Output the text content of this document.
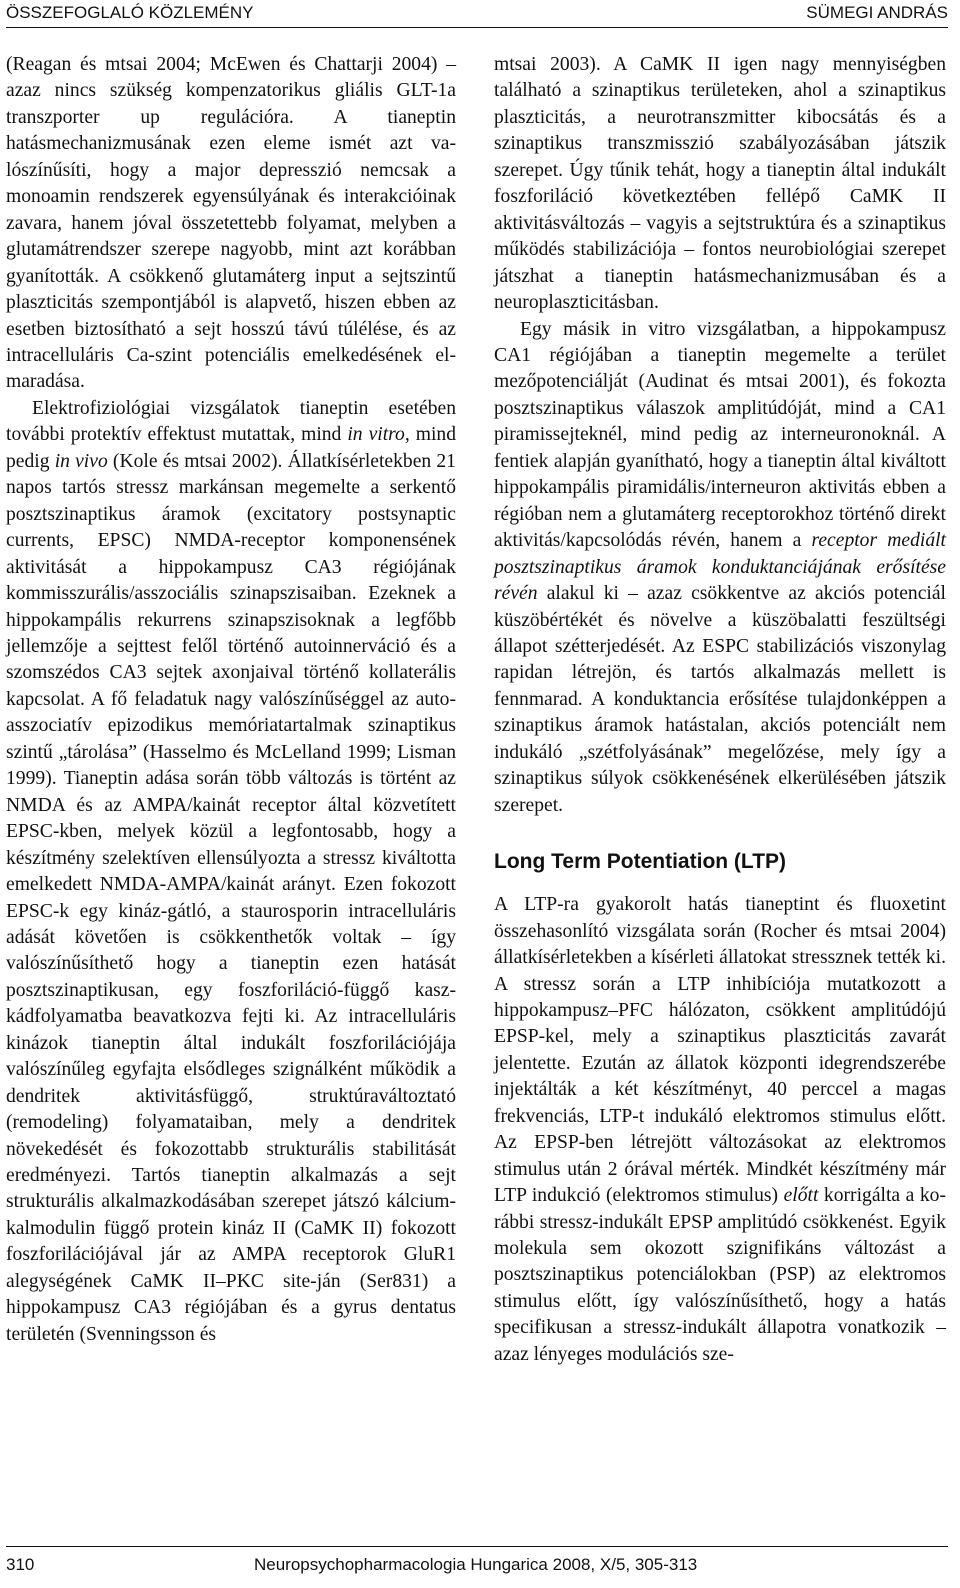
ÖSSZEFOGLALÓ KÖZLEMÉNY	SÜMEGI ANDRÁS

(Reagan és mtsai 2004; McEwen és Chattarji 2004) – azaz nincs szükség kompenzatorikus gliális GLT-1a transzporter up regulációra. A tianeptin hatásmechanizmusának ezen eleme ismét azt valószínűsíti, hogy a major depresszió nemcsak a monoamin rendszerek egyensúlyának és interakcióinak zavara, hanem jóval összetettebb folyamat, melyben a glutamátrendszer szerepe nagyobb, mint azt korábban gyanították. A csökkenő glutamáterg input a sejtszintű plaszticitás szempontjából is alapvető, hiszen ebben az esetben biztosítható a sejt hosszú távú túlélése, és az intracelluláris Ca-szint potenciális emelkedésének elmaradása.

Elektrofiziológiai vizsgálatok tianeptin esetében további protektív effektust mutattak, mind in vitro, mind pedig in vivo (Kole és mtsai 2002). Állatkísérletekben 21 napos tartós stressz markánsan megemelte a serkentő posztszinaptikus áramok (excitatory postsynaptic currents, EPSC) NMDA-receptor komponensének aktivitását a hippokampusz CA3 régiójának kommisszurális/asszociális szinapszisaiban. Ezeknek a hippokampális rekurrens szinapszisoknak a legfőbb jellemzője a sejttest felől történő autoinnerváció és a szomszédos CA3 sejtek axonjaival történő kollaterális kapcsolat. A fő feladatuk nagy valószínűséggel az autoasszociatív epizodikus memóriatartalmak szinaptikus szintű „tárolása” (Hasselmo és McLelland 1999; Lisman 1999). Tianeptin adása során több változás is történt az NMDA és az AMPA/kainát receptor által közvetített EPSC-kben, melyek közül a legfontosabb, hogy a készítmény szelektíven ellensúlyozta a stressz kiváltotta emelkedett NMDA-AMPA/kainát arányt. Ezen fokozott EPSC-k egy kináz-gátló, a staurosporin intracelluláris adását követően is csökkenthetők voltak – így valószínűsíthető hogy a tianeptin ezen hatását posztszinaptikusan, egy foszforiláció-függő kaszkádfolyamatba beavatkozva fejti ki. Az intracelluláris kinázok tianeptin által indukált foszforilációjája valószínűleg egyfajta elsődleges szignálként működik a dendritek aktivitásfüggő, struktúraváltoztató (remodeling) folyamataiban, mely a dendritek növekedését és fokozottabb strukturális stabilitását eredményezi. Tartós tianeptin alkalmazás a sejt strukturális alkalmazkodásában szerepet játszó kálcium-kalmodulin függő protein kináz II (CaMK II) fokozott foszforilációjával jár az AMPA receptorok GluR1 alegységének CaMK II–PKC site-ján (Ser831) a hippokampusz CA3 régiójában és a gyrus dentatus területén (Svenningsson és

mtsai 2003). A CaMK II igen nagy mennyiségben található a szinaptikus területeken, ahol a szinaptikus plaszticitás, a neurotranszmitter kibocsátás és a szinaptikus transzmisszió szabályozásában játszik szerepet. Úgy tűnik tehát, hogy a tianeptin által indukált foszforiláció következtében fellépő CaMK II aktivitásváltozás – vagyis a sejtstruktúra és a szinaptikus működés stabilizációja – fontos neurobiológiai szerepet játszhat a tianeptin hatásmechanizmusában és a neuroplaszticitásban.

Egy másik in vitro vizsgálatban, a hippokampusz CA1 régiójában a tianeptin megemelte a terület mezőpotenciálját (Audinat és mtsai 2001), és fokozta posztszinaptikus válaszok amplitúdóját, mind a CA1 piramissejteknél, mind pedig az interneuronoknál. A fentiek alapján gyanítható, hogy a tianeptin által kiváltott hippokampális piramidális/interneuron aktivitás ebben a régióban nem a glutamáterg receptorokhoz történő direkt aktivitás/kapcsolódás révén, hanem a receptor mediált posztszinaptikus áramok konduktanciájának erősítése révén alakul ki – azaz csökkentve az akciós potenciál küszöbértékét és növelve a küszöbalatti feszültségi állapot szétterjedését. Az ESPC stabilizációs viszonylag rapidan létrejön, és tartós alkalmazás mellett is fennmarad. A konduktancia erősítése tulajdonképpen a szinaptikus áramok hatástalan, akciós potenciált nem indukáló „szétfolyásának” megelőzése, mely így a szinaptikus súlyok csökkenésének elkerülésében játszik szerepet.

Long Term Potentiation (LTP)

A LTP-ra gyakorolt hatás tianeptint és fluoxetint összehasonlító vizsgálata során (Rocher és mtsai 2004) állatkísérletekben a kísérleti állatokat stressznek tették ki. A stressz során a LTP inhibíciója mutatkozott a hippokampusz–PFC hálózaton, csökkent amplitúdójú EPSP-kel, mely a szinaptikus plaszticitás zavarát jelentette. Ezután az állatok központi idegrendszerébe injektálták a két készítményt, 40 perccel a magas frekvenciás, LTP-t indukáló elektromos stimulus előtt. Az EPSP-ben létrejött változásokat az elektromos stimulus után 2 órával mérték. Mindkét készítmény már LTP indukció (elektromos stimulus) előtt korrigálta a korábbi stressz-indukált EPSP amplitúdó csökkenést. Egyik molekula sem okozott szignifikáns változást a posztszinaptikus potenciálokban (PSP) az elektromos stimulus előtt, így valószínűsíthető, hogy a hatás specifikusan a stressz-indukált állapotra vonatkozik – azaz lényeges modulációs sze-

310	Neuropsychopharmacologia Hungarica 2008, X/5, 305-313
